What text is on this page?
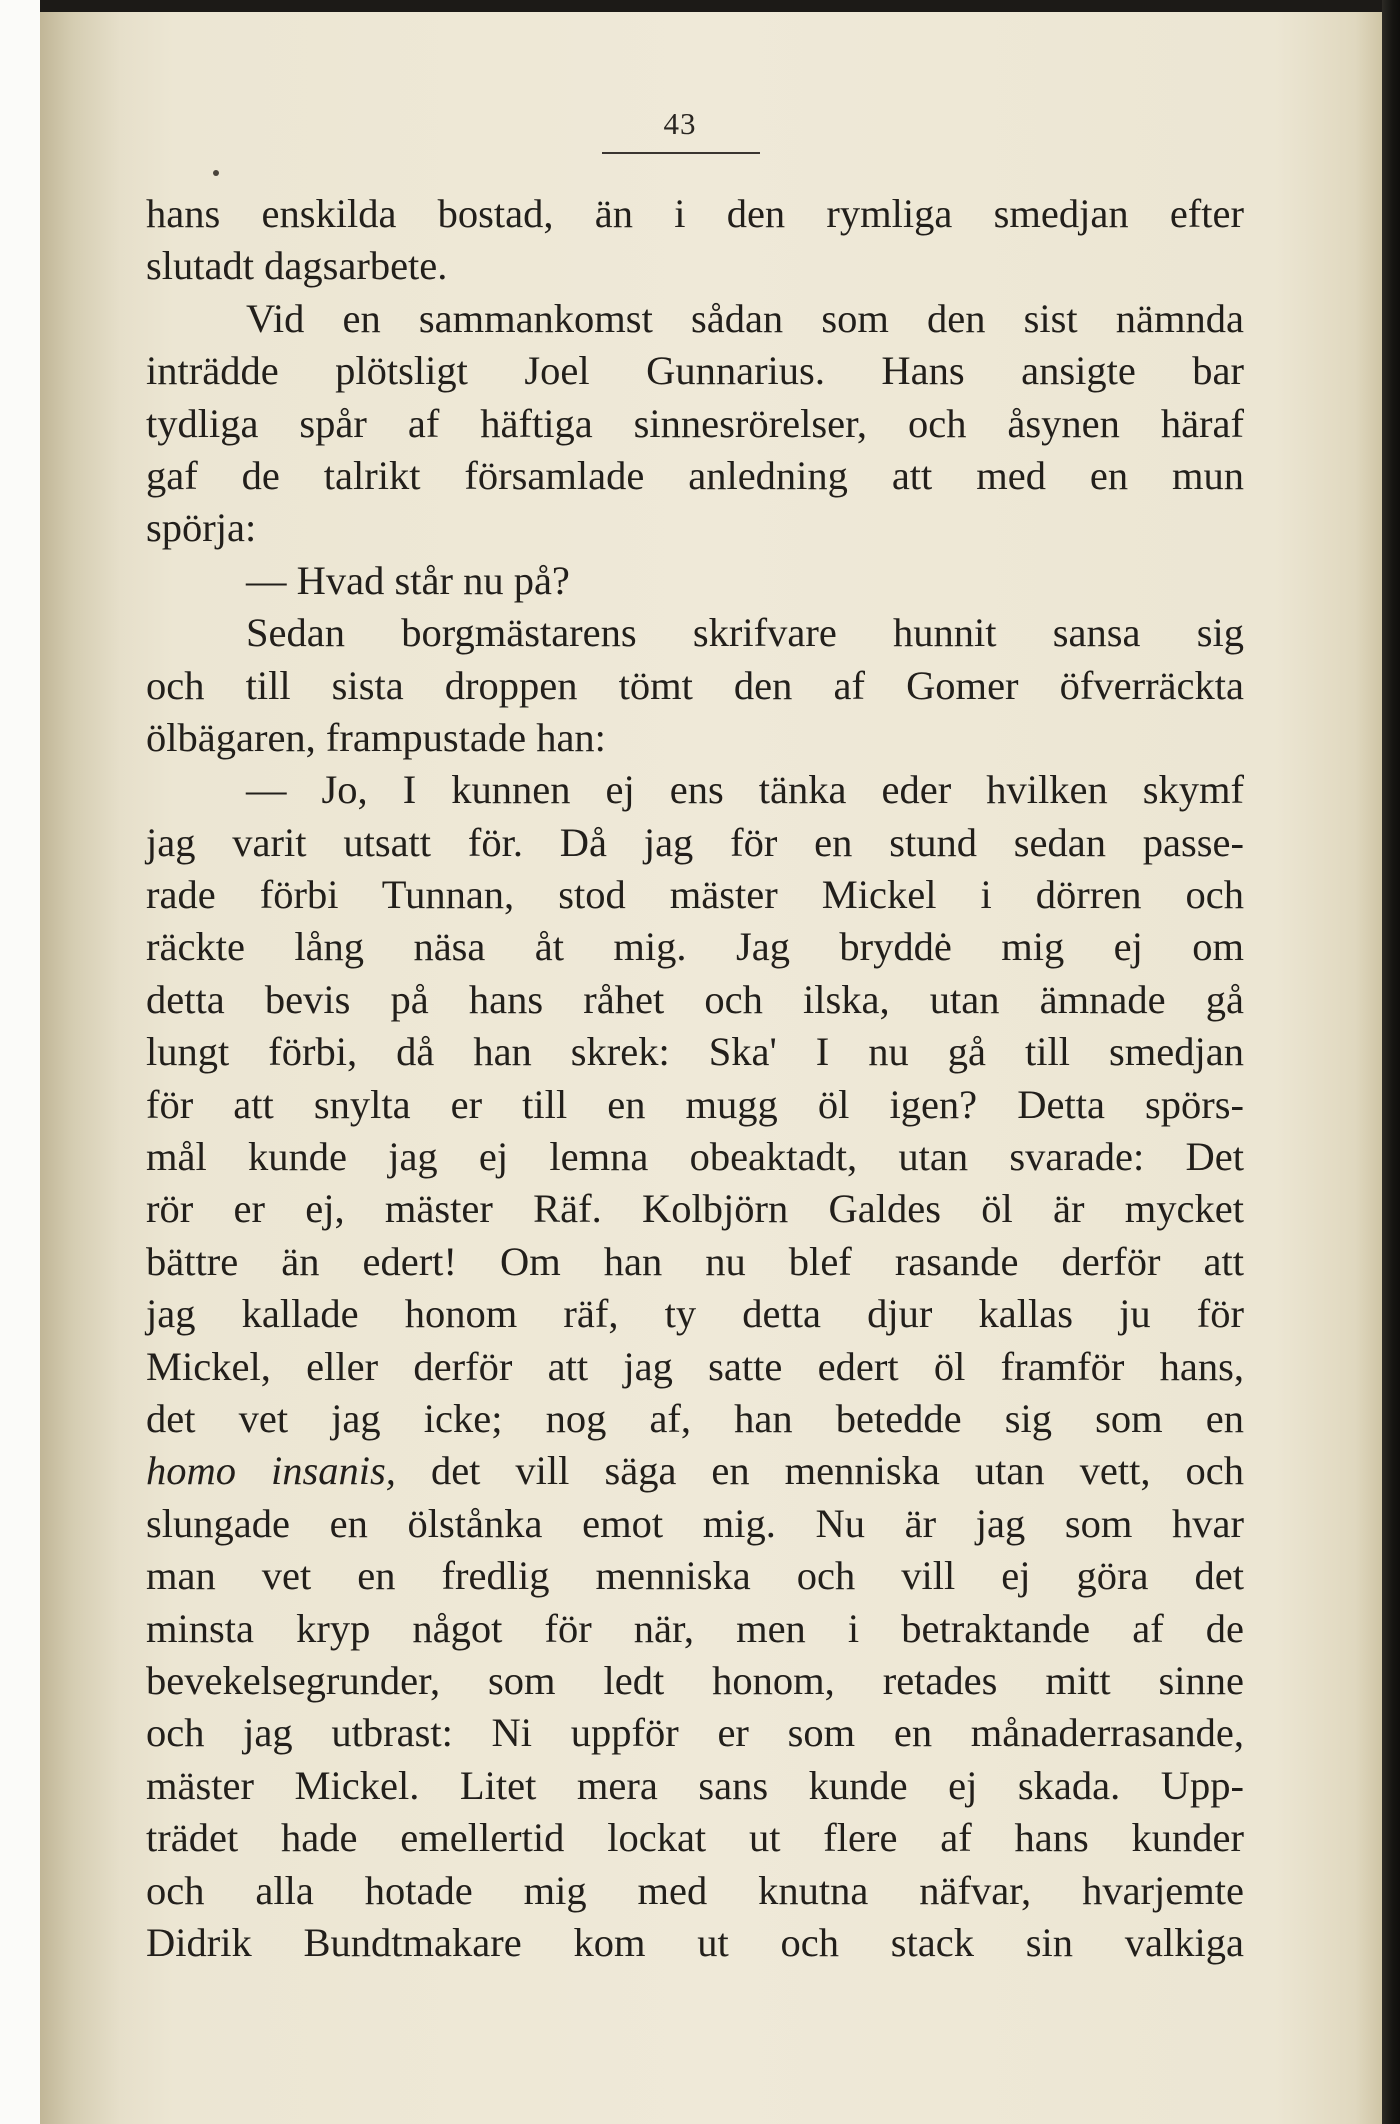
43
hans enskilda bostad, än i den rymliga smedjan efter
slutadt dagsarbete.
Vid en sammankomst sådan som den sist nämnda
inträdde plötsligt Joel Gunnarius. Hans ansigte bar
tydliga spår af häftiga sinnesrörelser, och åsynen häraf
gaf de talrikt församlade anledning att med en mun
spörja:
— Hvad står nu på?
Sedan borgmästarens skrifvare hunnit sansa sig
och till sista droppen tömt den af Gomer öfverräckta
ölbägaren, frampustade han:
— Jo, I kunnen ej ens tänka eder hvilken skymf
jag varit utsatt för. Då jag för en stund sedan passe-
rade förbi Tunnan, stod mäster Mickel i dörren och
räckte lång näsa åt mig. Jag bryddė mig ej om
detta bevis på hans råhet och ilska, utan ämnade gå
lungt förbi, då han skrek: Ska' I nu gå till smedjan
för att snylta er till en mugg öl igen? Detta spörs-
mål kunde jag ej lemna obeaktadt, utan svarade: Det
rör er ej, mäster Räf. Kolbjörn Galdes öl är mycket
bättre än edert! Om han nu blef rasande derför att
jag kallade honom räf, ty detta djur kallas ju för
Mickel, eller derför att jag satte edert öl framför hans,
det vet jag icke; nog af, han betedde sig som en
homo insanis, det vill säga en menniska utan vett, och
slungade en ölstånka emot mig. Nu är jag som hvar
man vet en fredlig menniska och vill ej göra det
minsta kryp något för när, men i betraktande af de
bevekelsegrunder, som ledt honom, retades mitt sinne
och jag utbrast: Ni uppför er som en månaderrasande,
mäster Mickel. Litet mera sans kunde ej skada. Upp-
trädet hade emellertid lockat ut flere af hans kunder
och alla hotade mig med knutna näfvar, hvarjemte
Didrik Bundtmakare kom ut och stack sin valkiga
